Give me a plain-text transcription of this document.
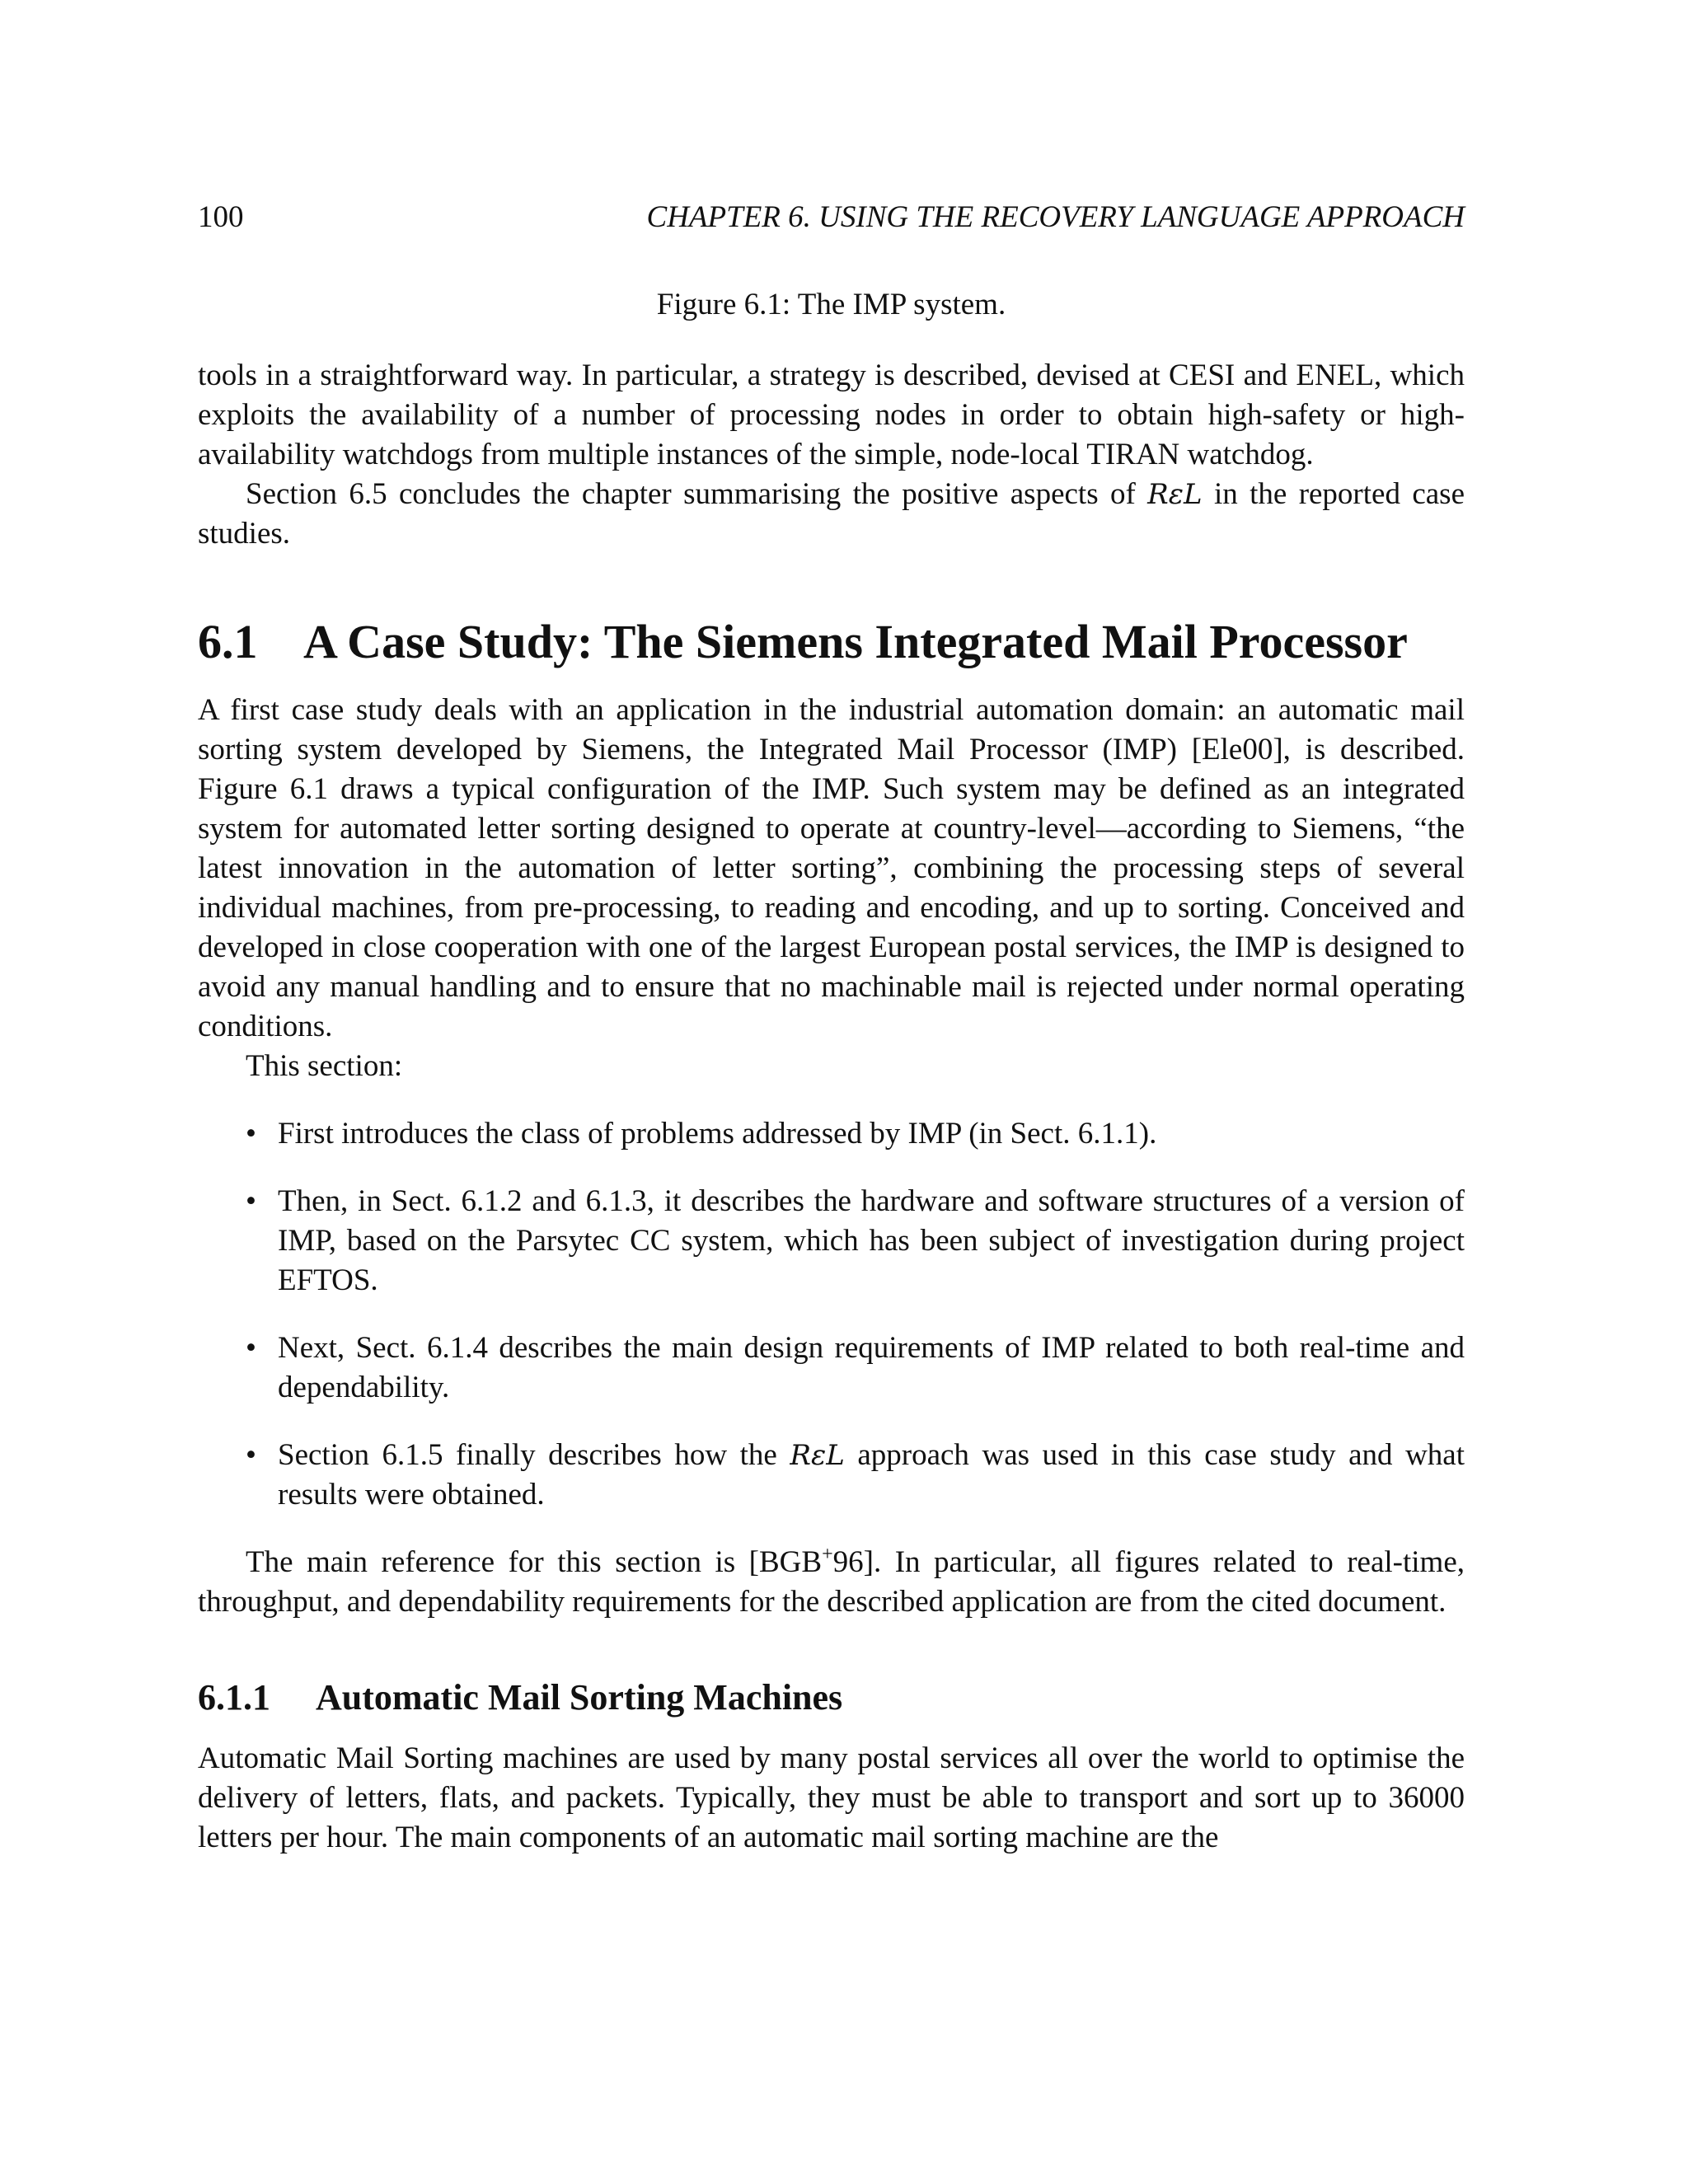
100	CHAPTER 6. USING THE RECOVERY LANGUAGE APPROACH
Figure 6.1: The IMP system.

tools in a straightforward way. In particular, a strategy is described, devised at CESI and ENEL, which exploits the availability of a number of processing nodes in order to obtain high-safety or high-availability watchdogs from multiple instances of the simple, node-local TIRAN watchdog.

Section 6.5 concludes the chapter summarising the positive aspects of RεL in the reported case studies.

6.1 A Case Study: The Siemens Integrated Mail Processor

A first case study deals with an application in the industrial automation domain: an automatic mail sorting system developed by Siemens, the Integrated Mail Processor (IMP) [Ele00], is described. Figure 6.1 draws a typical configuration of the IMP. Such system may be defined as an integrated system for automated letter sorting designed to operate at country-level—according to Siemens, “the latest innovation in the automation of letter sorting”, combining the processing steps of several individual machines, from pre-processing, to reading and encoding, and up to sorting. Conceived and developed in close cooperation with one of the largest European postal services, the IMP is designed to avoid any manual handling and to ensure that no machinable mail is rejected under normal operating conditions.

This section:

• First introduces the class of problems addressed by IMP (in Sect. 6.1.1).
• Then, in Sect. 6.1.2 and 6.1.3, it describes the hardware and software structures of a version of IMP, based on the Parsytec CC system, which has been subject of investigation during project EFTOS.
• Next, Sect. 6.1.4 describes the main design requirements of IMP related to both real-time and dependability.
• Section 6.1.5 finally describes how the RεL approach was used in this case study and what results were obtained.

The main reference for this section is [BGB+96]. In particular, all figures related to real-time, throughput, and dependability requirements for the described application are from the cited document.

6.1.1	Automatic Mail Sorting Machines

Automatic Mail Sorting machines are used by many postal services all over the world to optimise the delivery of letters, flats, and packets. Typically, they must be able to transport and sort up to 36000 letters per hour. The main components of an automatic mail sorting machine are the
